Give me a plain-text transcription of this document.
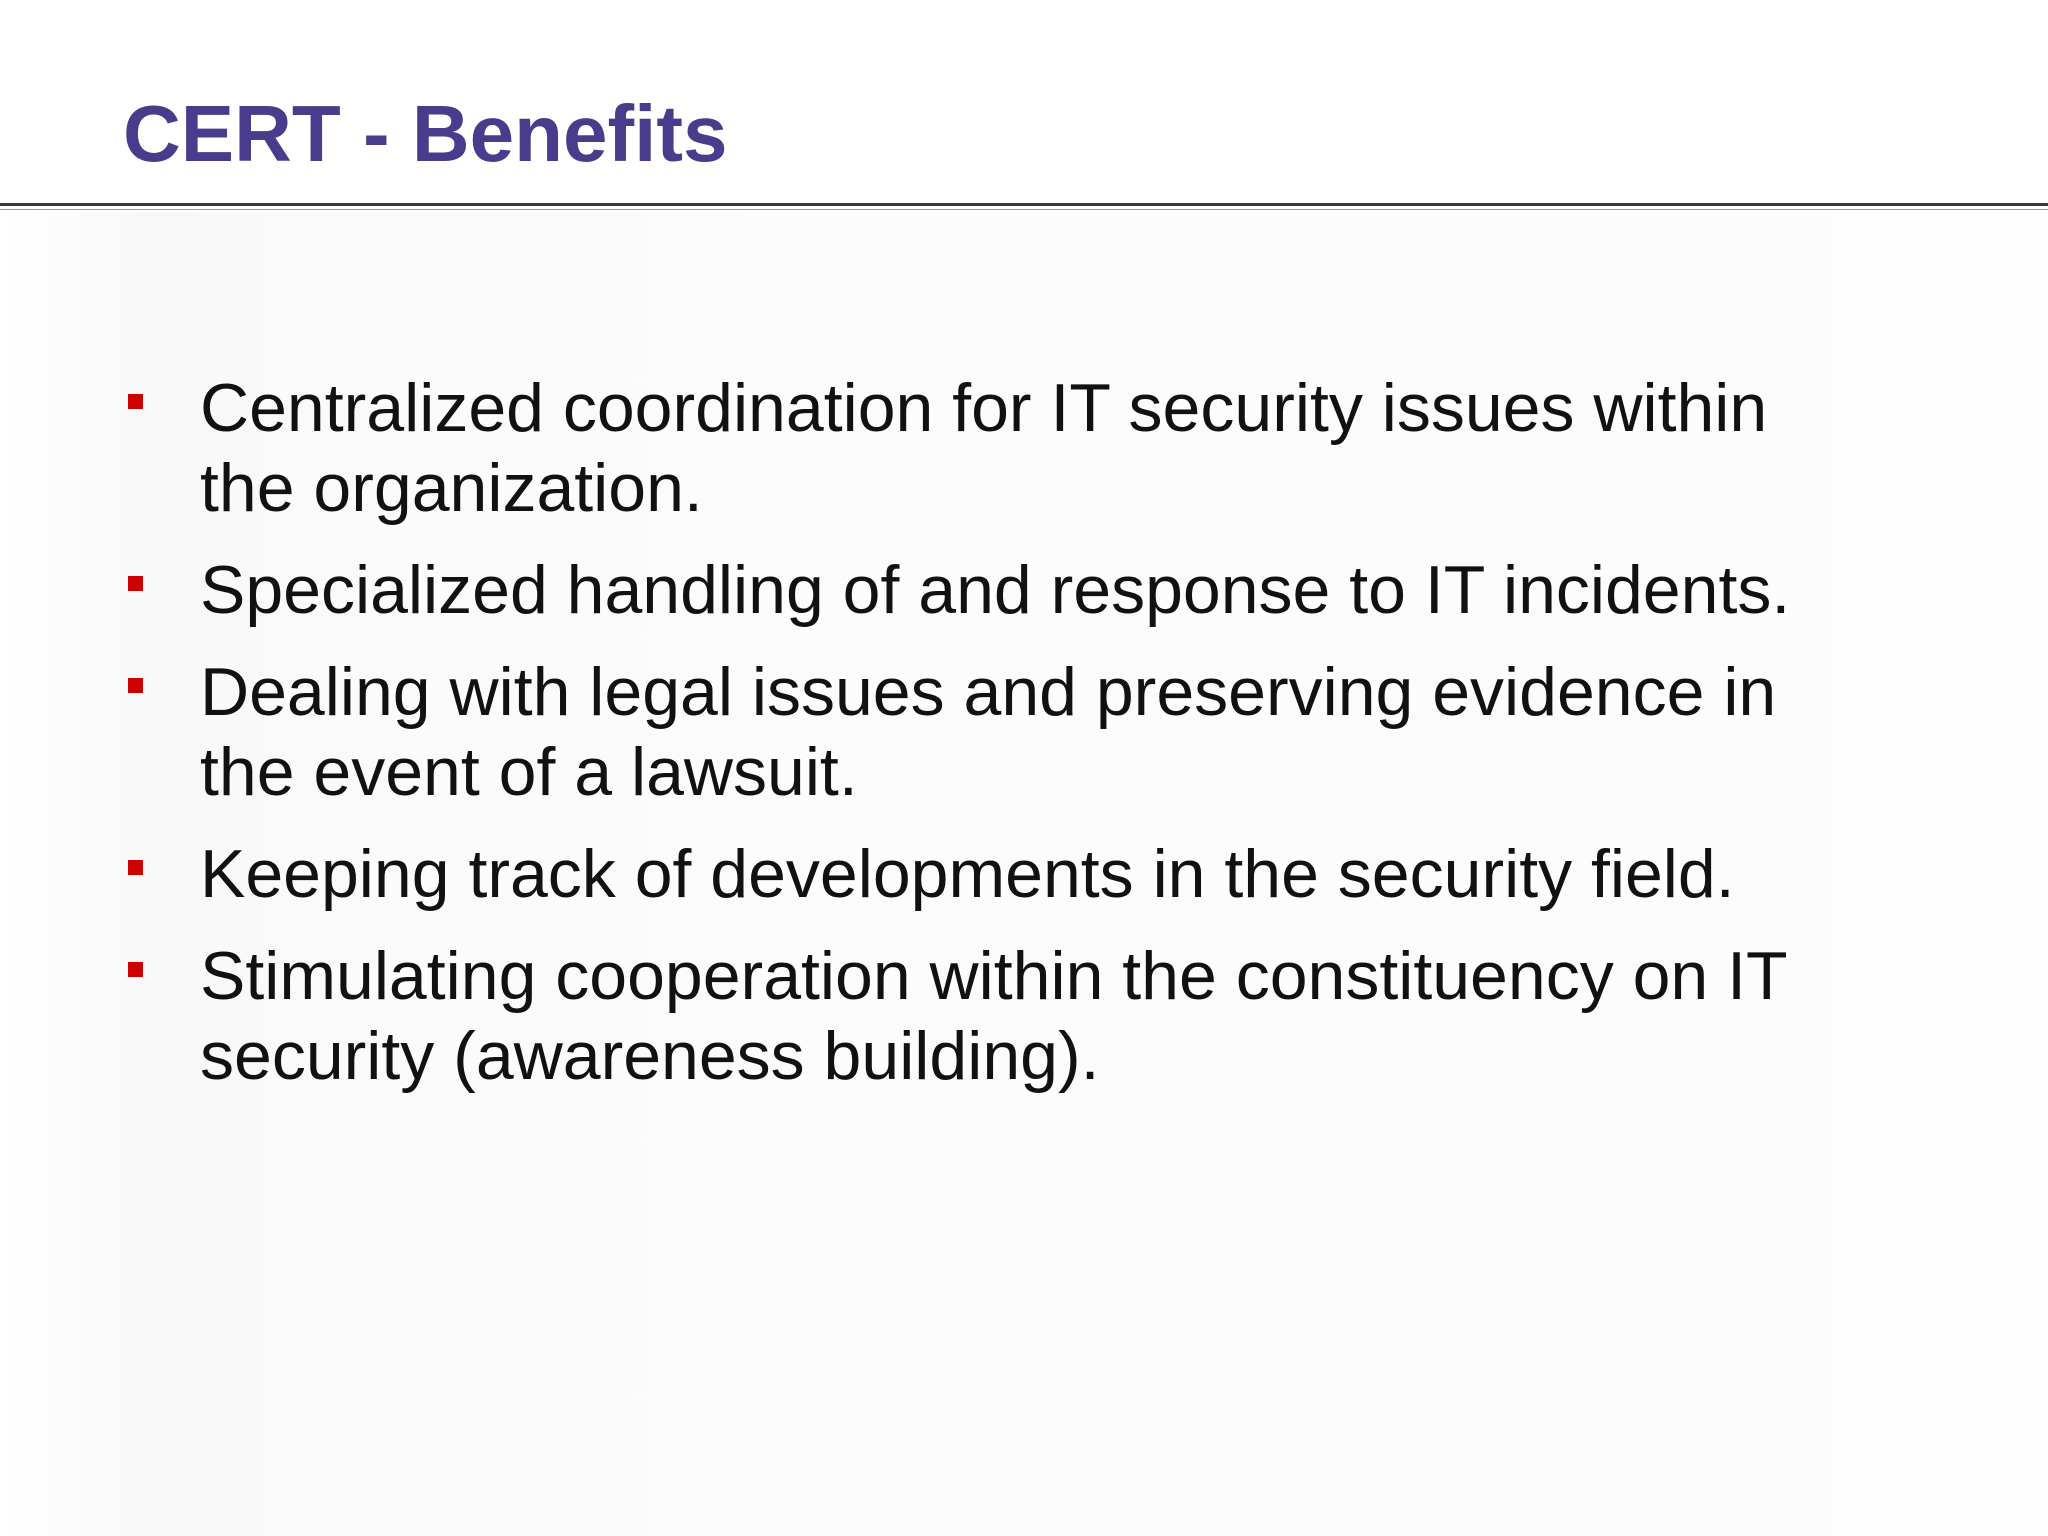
CERT - Benefits
Centralized coordination for IT security issues within
the organization.
Specialized handling of and response to IT incidents.
Dealing with legal issues and preserving evidence in
the event of a lawsuit.
Keeping track of developments in the security field.
Stimulating cooperation within the constituency on IT
security (awareness building).
